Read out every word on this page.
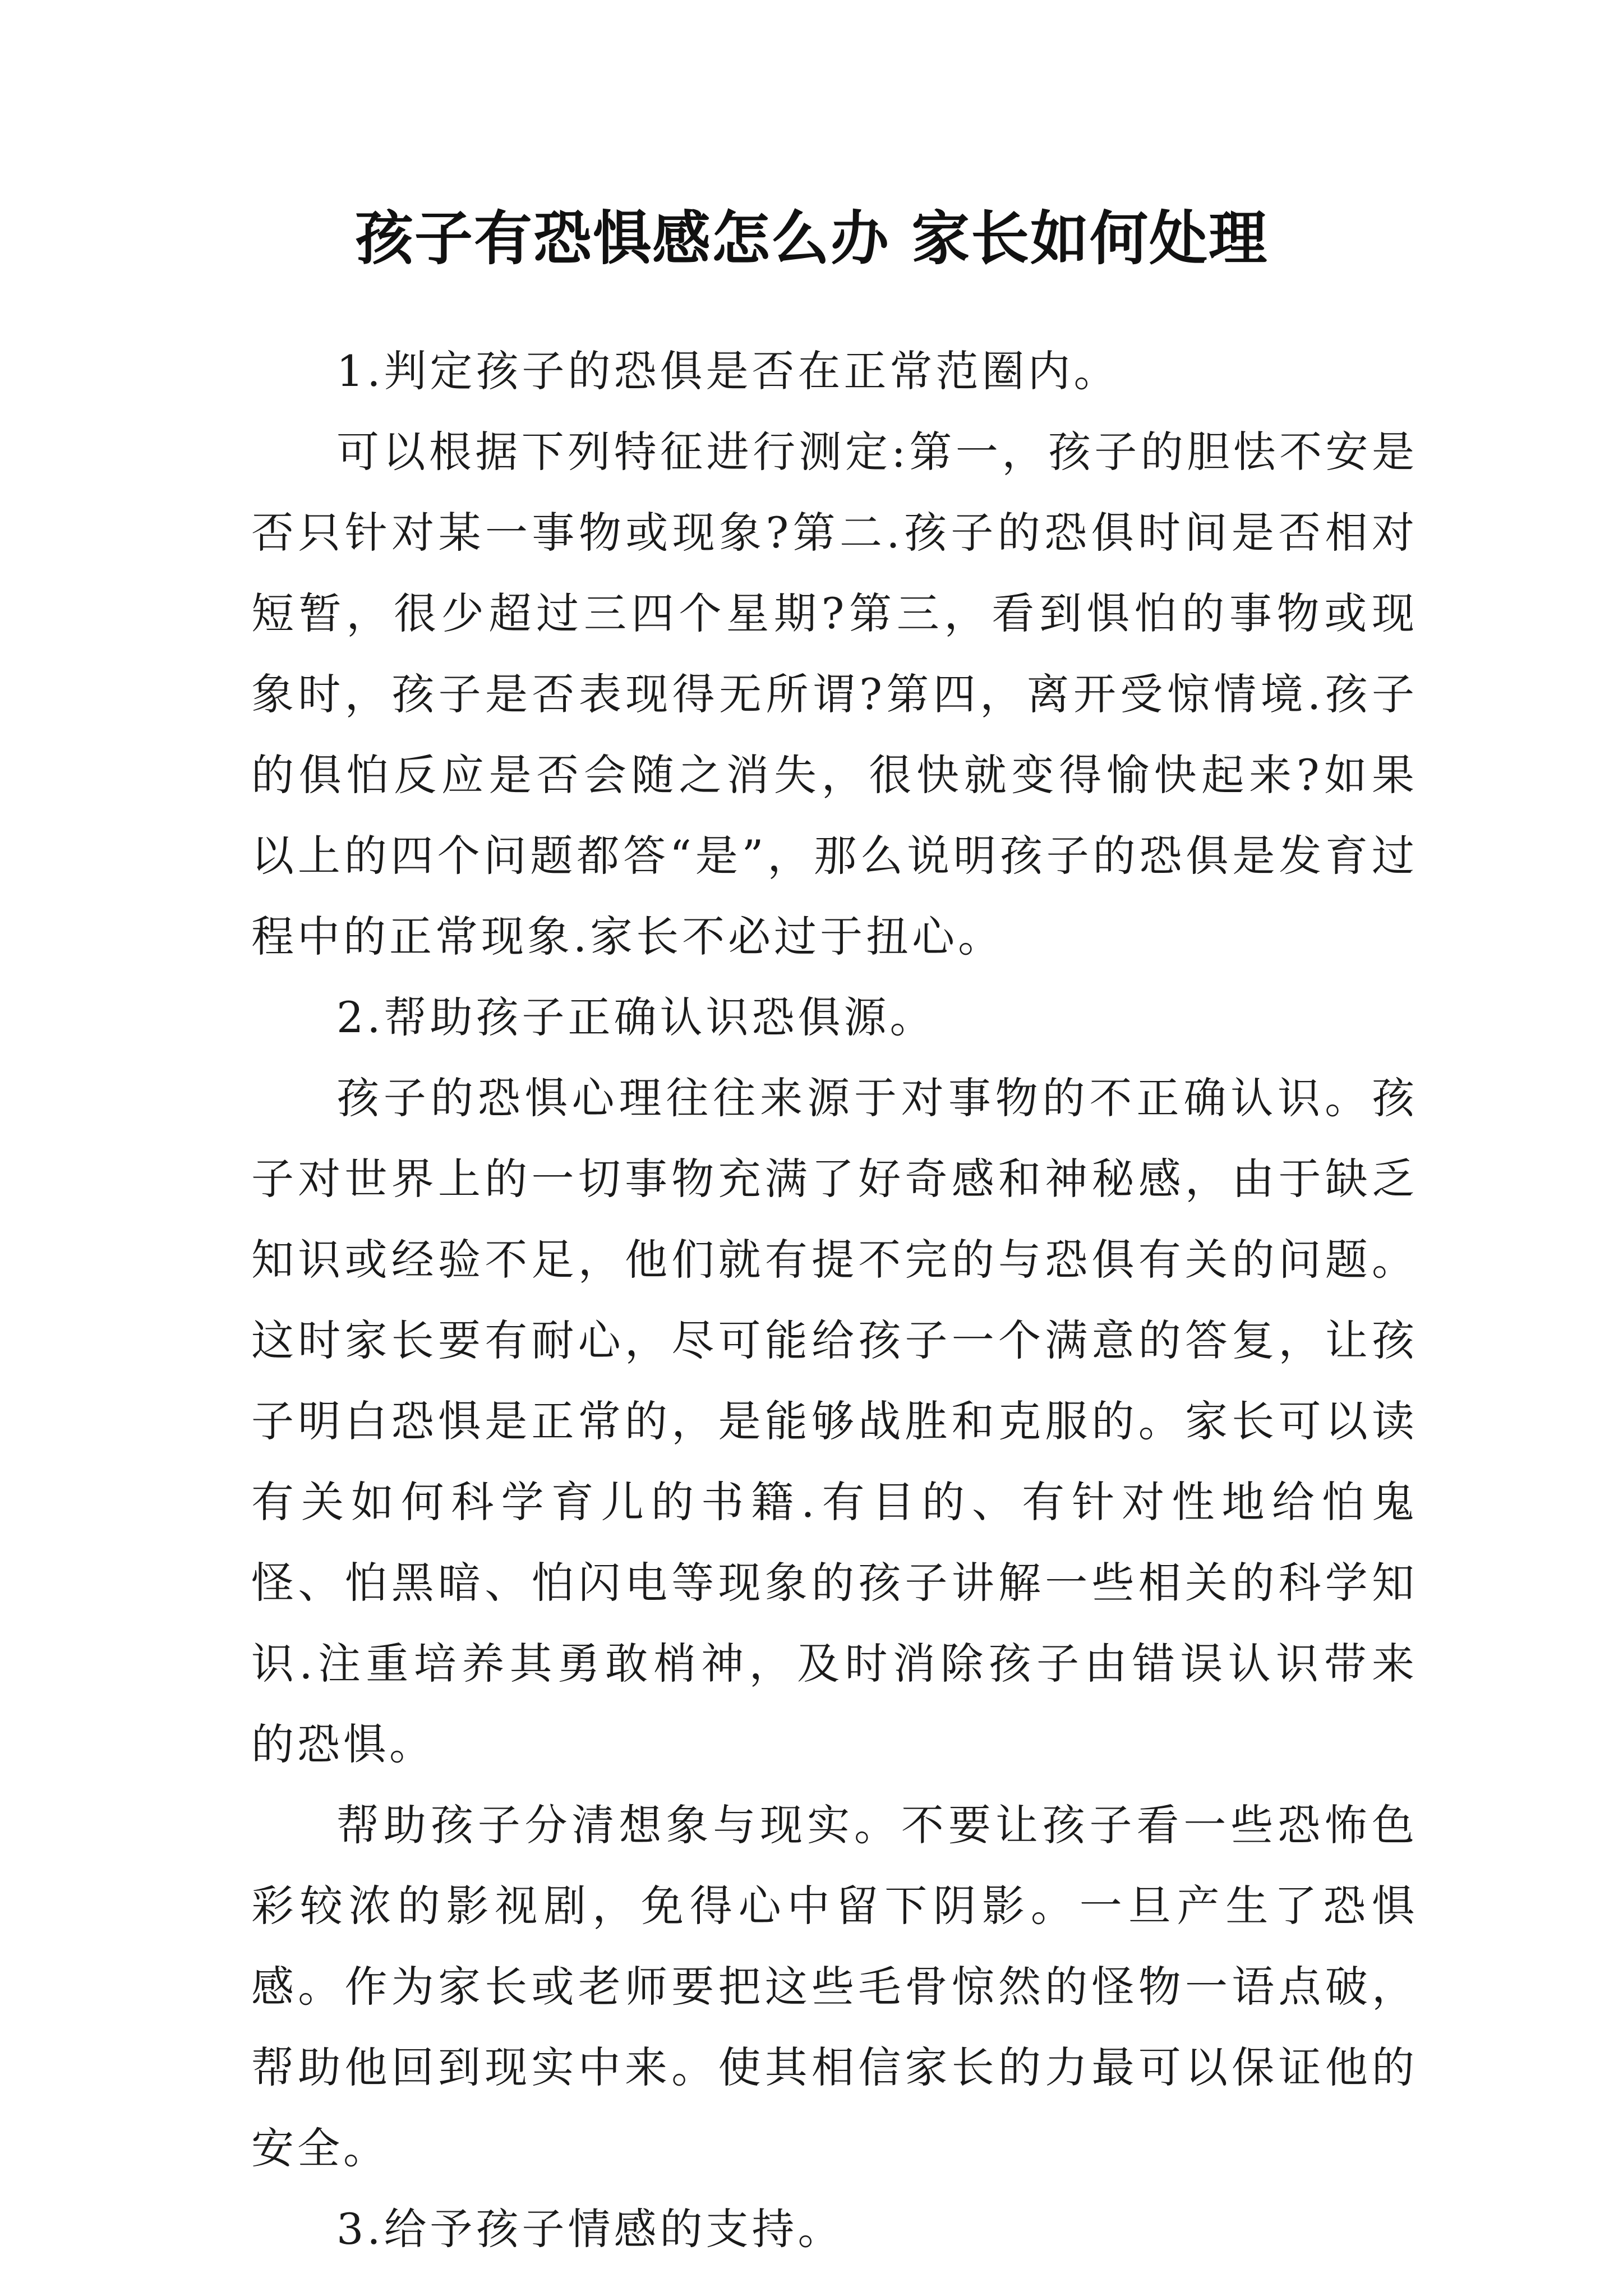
孩子有恐惧感怎么办 家长如何处理

1.判定孩子的恐俱是否在正常范圈内。

可以根据下列特征进行测定:第一，孩子的胆怯不安是否只针对某一事物或现象?第二.孩子的恐俱时间是否相对短暂，很少超过三四个星期?第三，看到惧怕的事物或现象时，孩子是否表现得无所谓?第四，离开受惊情境.孩子的俱怕反应是否会随之消失，很快就变得愉快起来?如果以上的四个问题都答“是”，那么说明孩子的恐俱是发育过程中的正常现象.家长不必过于扭心。

2.帮助孩子正确认识恐俱源。

孩子的恐惧心理往往来源于对事物的不正确认识。孩子对世界上的一切事物充满了好奇感和神秘感，由于缺乏知识或经验不足，他们就有提不完的与恐俱有关的问题。这时家长要有耐心，尽可能给孩子一个满意的答复，让孩子明白恐惧是正常的，是能够战胜和克服的。家长可以读有关如何科学育儿的书籍.有目的、有针对性地给怕鬼怪、怕黑暗、怕闪电等现象的孩子讲解一些相关的科学知识.注重培养其勇敢梢神，及时消除孩子由错误认识带来的恐惧。

帮助孩子分清想象与现实。不要让孩子看一些恐怖色彩较浓的影视剧，免得心中留下阴影。一旦产生了恐惧感。作为家长或老师要把这些毛骨惊然的怪物一语点破，帮助他回到现实中来。使其相信家长的力最可以保证他的安全。

3.给予孩子情感的支持。
